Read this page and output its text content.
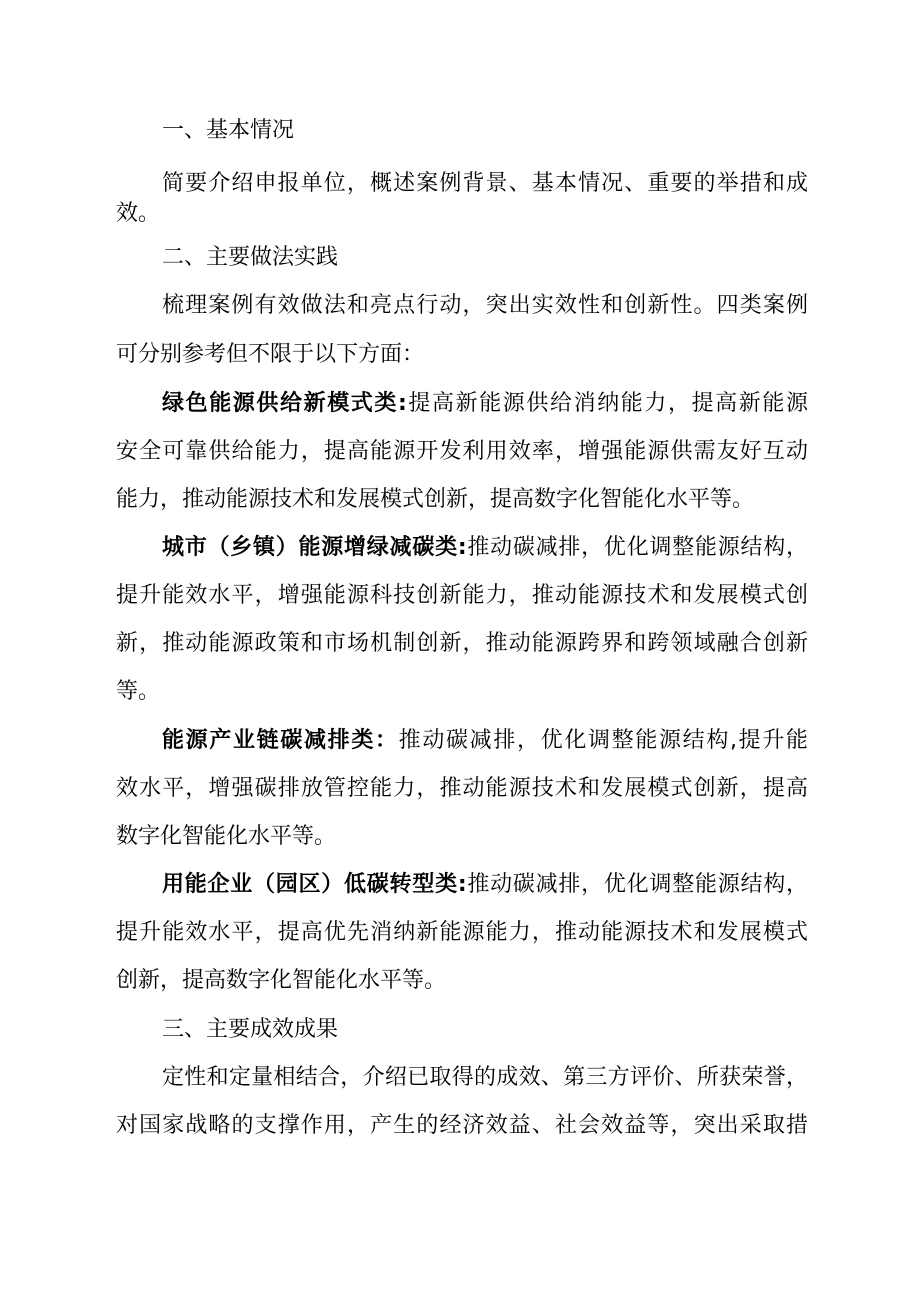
一、基本情况

简要介绍申报单位，概述案例背景、基本情况、重要的举措和成

效。

二、主要做法实践

梳理案例有效做法和亮点行动，突出实效性和创新性。四类案例

可分别参考但不限于以下方面：

绿色能源供给新模式类:提高新能源供给消纳能力，提高新能源

安全可靠供给能力，提高能源开发利用效率，增强能源供需友好互动

能力，推动能源技术和发展模式创新，提高数字化智能化水平等。

城市（乡镇）能源增绿减碳类:推动碳减排，优化调整能源结构，

提升能效水平，增强能源科技创新能力，推动能源技术和发展模式创

新，推动能源政策和市场机制创新，推动能源跨界和跨领域融合创新

等。

能源产业链碳减排类：推动碳减排，优化调整能源结构,提升能

效水平，增强碳排放管控能力，推动能源技术和发展模式创新，提高

数字化智能化水平等。

用能企业（园区）低碳转型类:推动碳减排，优化调整能源结构，

提升能效水平，提高优先消纳新能源能力，推动能源技术和发展模式

创新，提高数字化智能化水平等。

三、主要成效成果

定性和定量相结合，介绍已取得的成效、第三方评价、所获荣誉，

对国家战略的支撑作用，产生的经济效益、社会效益等，突出采取措
